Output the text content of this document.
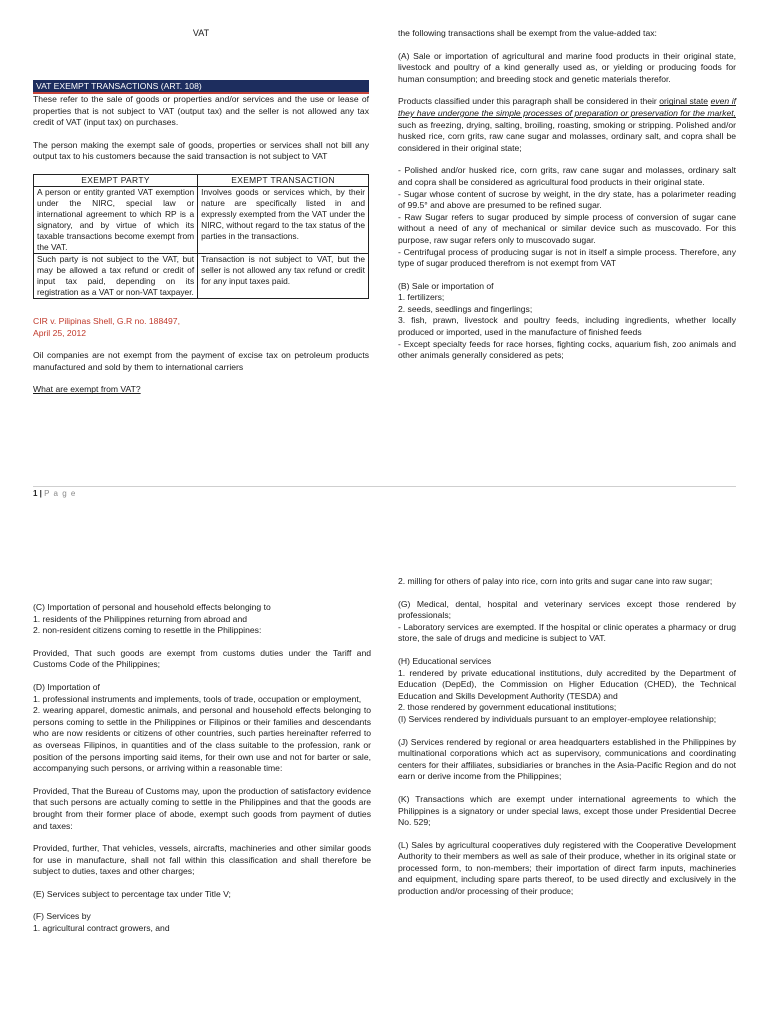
VAT
VAT EXEMPT TRANSACTIONS (ART. 108)

These refer to the sale of goods or properties and/or services and the use or lease of properties that is not subject to VAT (output tax) and the seller is not allowed any tax credit of VAT (input tax) on purchases.

The person making the exempt sale of goods, properties or services shall not bill any output tax to his customers because the said transaction is not subject to VAT

EXEMPT PARTY	EXEMPT TRANSACTION
A person or entity granted VAT exemption under the NIRC, special law or international agreement to which RP is a signatory, and by virtue of which its taxable transactions become exempt from the VAT.	Involves goods or services which, by their nature are specifically listed in and expressly exempted from the VAT under the NIRC, without regard to the tax status of the parties in the transactions.
Such party is not subject to the VAT, but may be allowed a tax refund or credit of input tax paid, depending on its registration as a VAT or non-VAT taxpayer.	Transaction is not subject to VAT, but the seller is not allowed any tax refund or credit for any input taxes paid.

CIR v. Pilipinas Shell, G.R no. 188497,
April 25, 2012

Oil companies are not exempt from the payment of excise tax on petroleum products manufactured and sold by them to international carriers

What are exempt from VAT?

the following transactions shall be exempt from the value-added tax:

(A) Sale or importation of agricultural and marine food products in their original state, livestock and poultry of a kind generally used as, or yielding or producing foods for human consumption; and breeding stock and genetic materials therefor.

Products classified under this paragraph shall be considered in their original state even if they have undergone the simple processes of preparation or preservation for the market, such as freezing, drying, salting, broiling, roasting, smoking or stripping. Polished and/or husked rice, corn grits, raw cane sugar and molasses, ordinary salt, and copra shall be considered in their original state;

- Polished and/or husked rice, corn grits, raw cane sugar and molasses, ordinary salt and copra shall be considered as agricultural food products in their original state.
- Sugar whose content of sucrose by weight, in the dry state, has a polarimeter reading of 99.5° and above are presumed to be refined sugar.
- Raw Sugar refers to sugar produced by simple process of conversion of sugar cane without a need of any of mechanical or similar device such as muscovado. For this purpose, raw sugar refers only to muscovado sugar.
- Centrifugal process of producing sugar is not in itself a simple process. Therefore, any type of sugar produced therefrom is not exempt from VAT

(B) Sale or importation of
1. fertilizers;
2. seeds, seedlings and fingerlings;
3. fish, prawn, livestock and poultry feeds, including ingredients, whether locally produced or imported, used in the manufacture of finished feeds
- Except specialty feeds for race horses, fighting cocks, aquarium fish, zoo animals and other animals generally considered as pets;

1 | P a g e

(C) Importation of personal and household effects belonging to
1. residents of the Philippines returning from abroad and
2. non-resident citizens coming to resettle in the Philippines:

Provided, That such goods are exempt from customs duties under the Tariff and Customs Code of the Philippines;

(D) Importation of
1. professional instruments and implements, tools of trade, occupation or employment,
2. wearing apparel, domestic animals, and personal and household effects belonging to persons coming to settle in the Philippines or Filipinos or their families and descendants who are now residents or citizens of other countries, such parties hereinafter referred to as overseas Filipinos, in quantities and of the class suitable to the profession, rank or position of the persons importing said items, for their own use and not for barter or sale, accompanying such persons, or arriving within a reasonable time:

Provided, That the Bureau of Customs may, upon the production of satisfactory evidence that such persons are actually coming to settle in the Philippines and that the goods are brought from their former place of abode, exempt such goods from payment of duties and taxes:

Provided, further, That vehicles, vessels, aircrafts, machineries and other similar goods for use in manufacture, shall not fall within this classification and shall therefore be subject to duties, taxes and other charges;

(E) Services subject to percentage tax under Title V;

(F) Services by
1. agricultural contract growers, and

2. milling for others of palay into rice, corn into grits and sugar cane into raw sugar;

(G) Medical, dental, hospital and veterinary services except those rendered by professionals;
- Laboratory services are exempted. If the hospital or clinic operates a pharmacy or drug store, the sale of drugs and medicine is subject to VAT.

(H) Educational services
1. rendered by private educational institutions, duly accredited by the Department of Education (DepEd), the Commission on Higher Education (CHED), the Technical Education and Skills Development Authority (TESDA) and
2. those rendered by government educational institutions;
(I) Services rendered by individuals pursuant to an employer-employee relationship;

(J) Services rendered by regional or area headquarters established in the Philippines by multinational corporations which act as supervisory, communications and coordinating centers for their affiliates, subsidiaries or branches in the Asia-Pacific Region and do not earn or derive income from the Philippines;

(K) Transactions which are exempt under international agreements to which the Philippines is a signatory or under special laws, except those under Presidential Decree No. 529;

(L) Sales by agricultural cooperatives duly registered with the Cooperative Development Authority to their members as well as sale of their produce, whether in its original state or processed form, to non-members; their importation of direct farm inputs, machineries and equipment, including spare parts thereof, to be used directly and exclusively in the production and/or processing of their produce;
